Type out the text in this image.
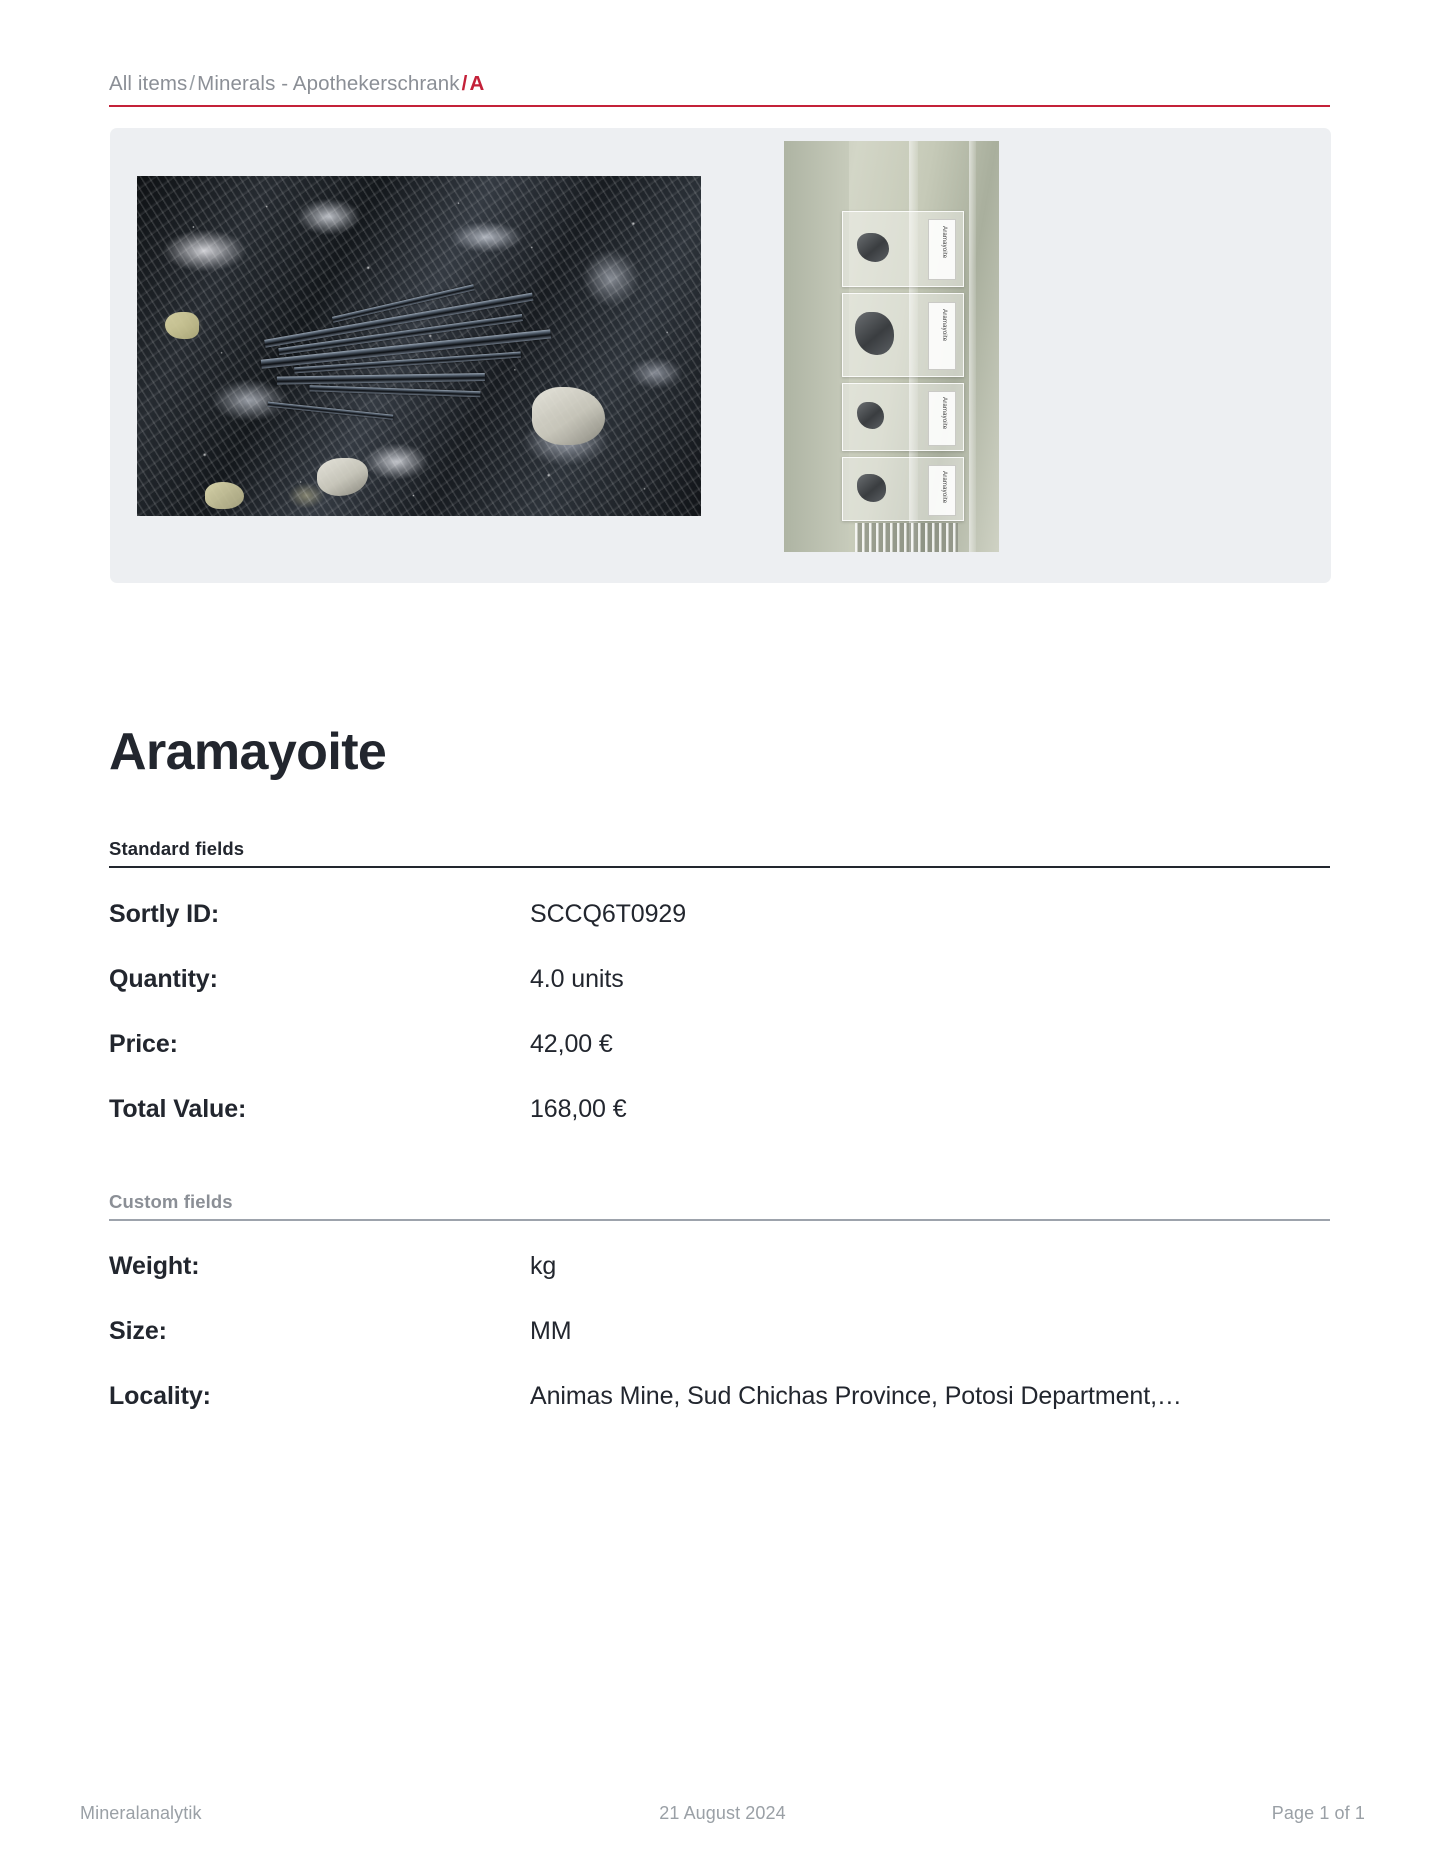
All items/Minerals - Apothekerschrank/A
Aramayoite
Aramayoite
Aramayoite
Aramayoite
Aramayoite
Standard fields
Sortly ID:	SCCQ6T0929
Quantity:	4.0 units
Price:	42,00 €
Total Value:	168,00 €
Custom fields
Weight:	kg
Size:	MM
Locality:	Animas Mine, Sud Chichas Province, Potosi Department,…
Mineralanalytik	21 August 2024	Page 1 of 1
